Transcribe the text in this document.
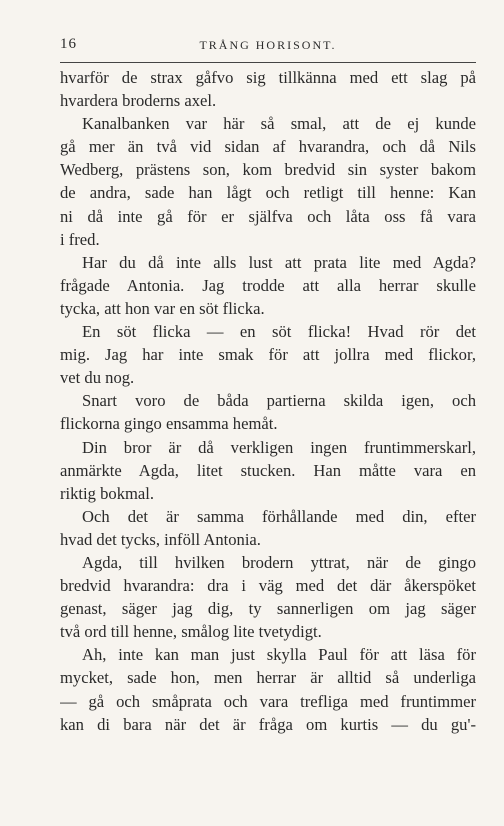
16	TRÅNG HORISONT.
hvarför de strax gåfvo sig tillkänna med ett slag på
hvardera broderns axel.
Kanalbanken var här så smal, att de ej kunde
gå mer än två vid sidan af hvarandra, och då Nils
Wedberg, prästens son, kom bredvid sin syster bakom
de andra, sade han lågt och retligt till henne: Kan
ni då inte gå för er själfva och låta oss få vara
i fred.
Har du då inte alls lust att prata lite med Agda?
frågade Antonia. Jag trodde att alla herrar skulle
tycka, att hon var en söt flicka.
En söt flicka — en söt flicka! Hvad rör det
mig. Jag har inte smak för att jollra med flickor,
vet du nog.
Snart voro de båda partierna skilda igen, och
flickorna gingo ensamma hemåt.
Din bror är då verkligen ingen fruntimmerskarl,
anmärkte Agda, litet stucken. Han måtte vara en
riktig bokmal.
Och det är samma förhållande med din, efter
hvad det tycks, inföll Antonia.
Agda, till hvilken brodern yttrat, när de gingo
bredvid hvarandra: dra i väg med det där åkerspöket
genast, säger jag dig, ty sannerligen om jag säger
två ord till henne, smålog lite tvetydigt.
Ah, inte kan man just skylla Paul för att läsa för
mycket, sade hon, men herrar är alltid så underliga
— gå och småprata och vara trefliga med fruntimmer
kan di bara när det är fråga om kurtis — du gu'-
